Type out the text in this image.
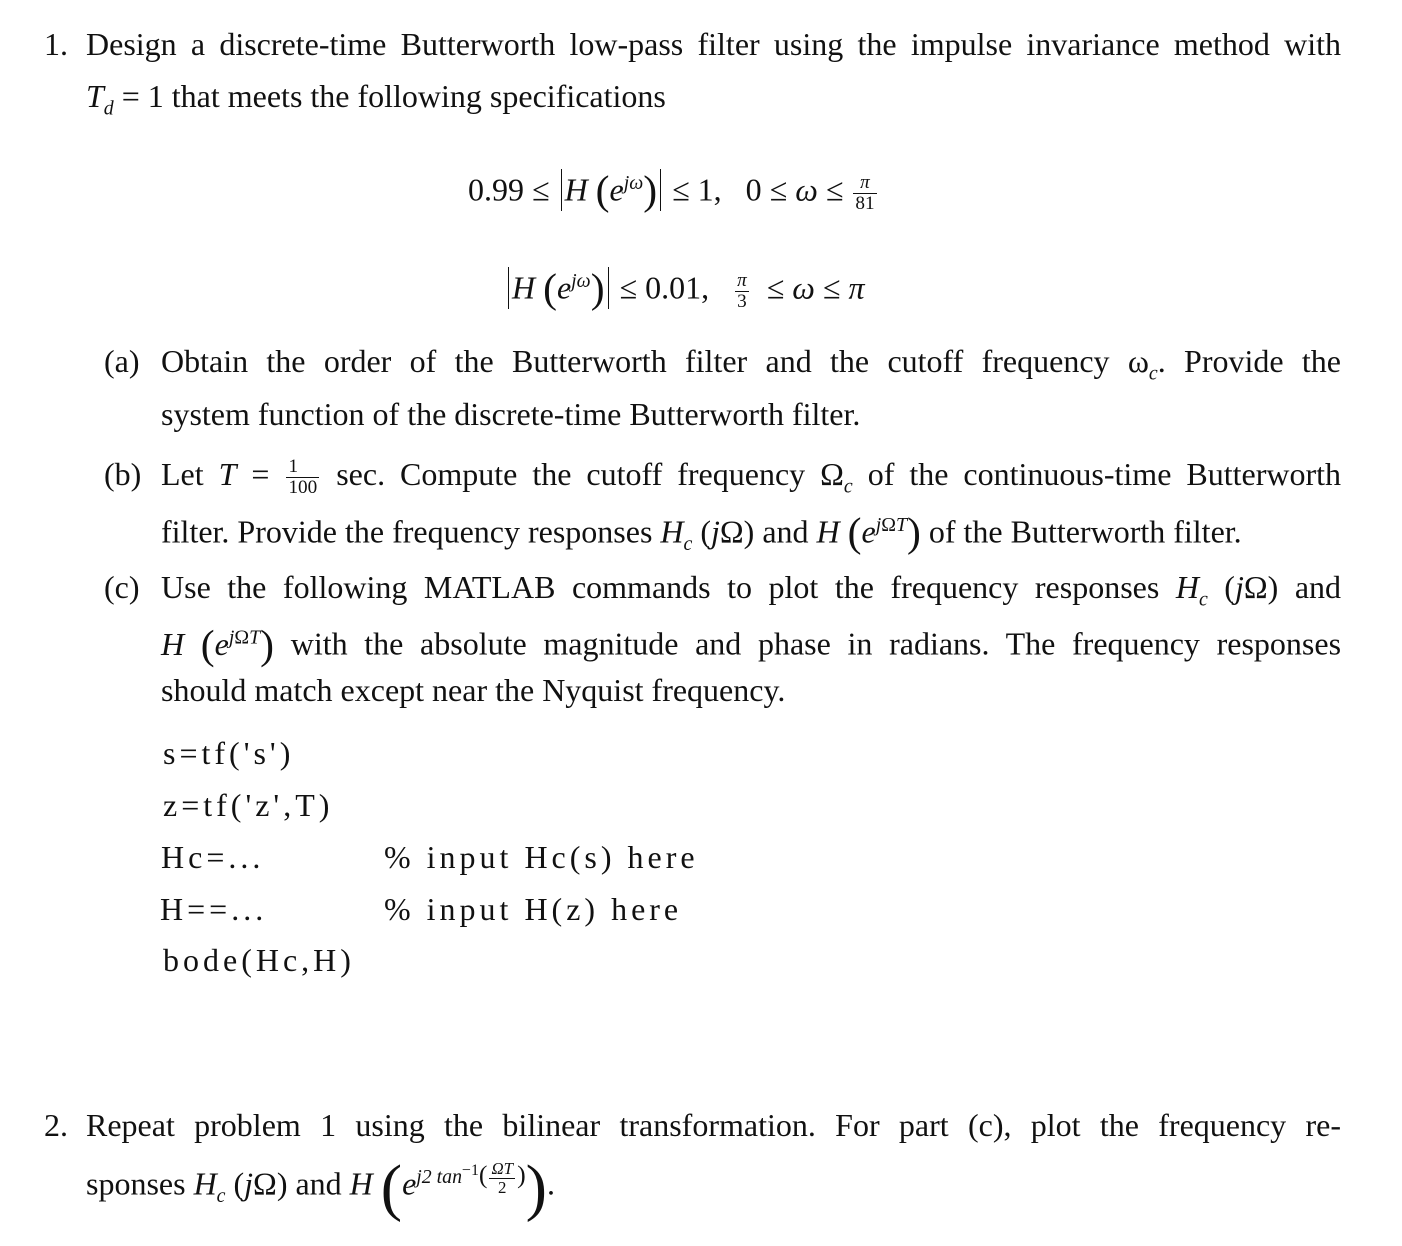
1. Design a discrete-time Butterworth low-pass filter using the impulse invariance method with
$T_d = 1$ that meets the following specifications
0.99 ≤ H $(e^{j\omega}) \le 1$,   $0 \le \omega \le \frac{\pi}{81}$
H $(e^{j\omega}) \le 0.01$, $\frac{\pi}{3} \le \omega \le \pi$
(a) Obtain the order of the Butterworth filter and the cutoff frequency $\omega_c$. Provide the
system function of the discrete-time Butterworth filter.
(b) Let $T = \frac{1}{100} \sec$. Compute the cutoff frequency $\Omega_c$ of the continuous-time Butterworth
filter. Provide the frequency responses $H_c$ (jΩ) and H $(e^{j\Omega T})$ of the Butterworth filter.
(c) Use the following MATLAB commands to plot the frequency responses $H_c$ (jΩ) and
H $(e^{j\Omega T})$ with the absolute magnitude and phase in radians. The frequency responses
should match except near the Nyquist frequency.
s=tf('s')
z=tf('z',T)
Hc=...	% input Hc(s) here
H==...	% input H(z) here
bode(Hc,H)
2. Repeat problem 1 using the bilinear transformation. For part (c), plot the frequency re-
sponses $H_c$ (jΩ) and H $(e^{j2 tan^{-1}( \frac{\Omega T}{2} )})$.
